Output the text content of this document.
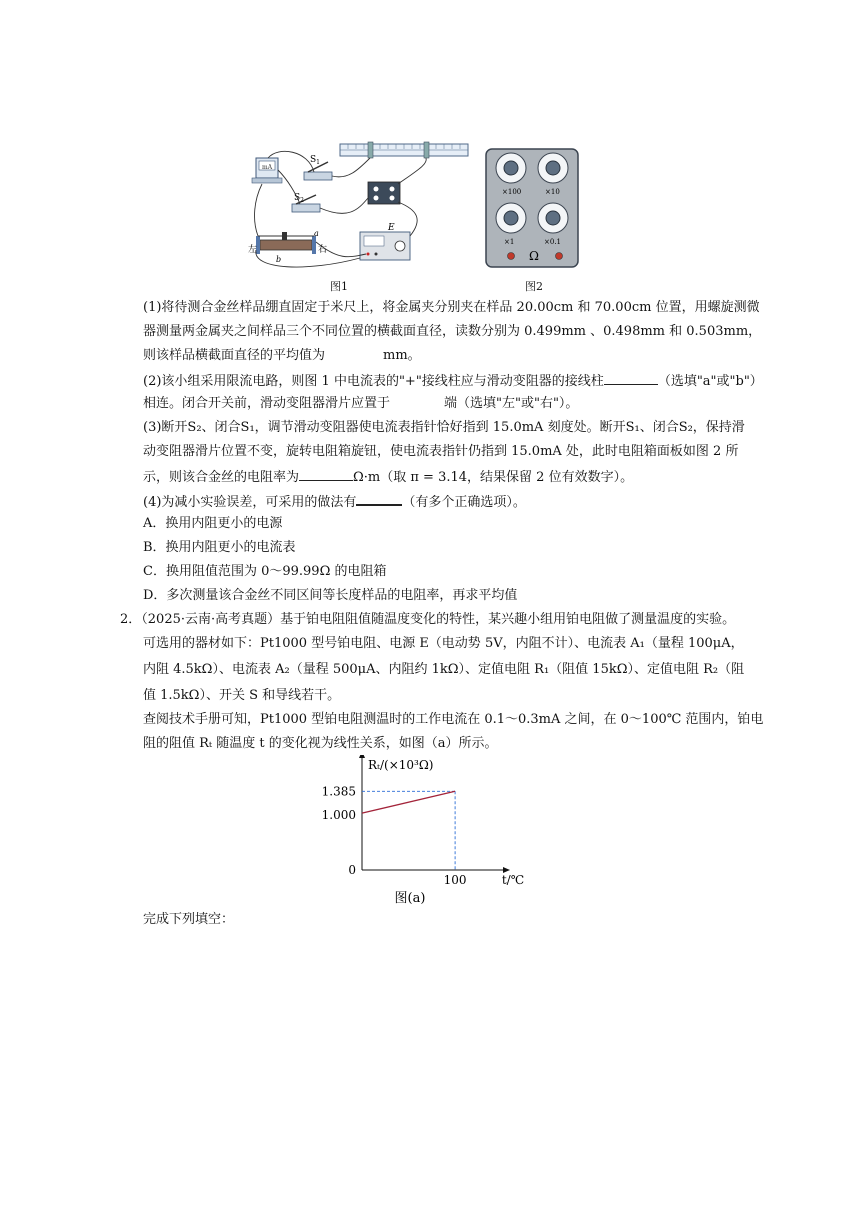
mA
$S_1$
$S_2$
左	右
a
b
E
图1
×100	×10
×1	×0.1
Ω
图2
(1)将待测合金丝样品绷直固定于米尺上，将金属夹分别夹在样品 20.00cm 和 70.00cm 位置，用螺旋测微
器测量两金属夹之间样品三个不同位置的横截面直径，读数分别为 0.499mm 、0.498mm 和 0.503mm，
则该样品横截面直径的平均值为	mm。
(2)该小组采用限流电路，则图 1 中电流表的"+"接线柱应与滑动变阻器的接线柱	（选填"a"或"b"）
相连。闭合开关前，滑动变阻器滑片应置于	端（选填"左"或"右"）。
(3)断开S₂、闭合S₁，调节滑动变阻器使电流表指针恰好指到 15.0mA 刻度处。断开S₁、闭合S₂，保持滑
动变阻器滑片位置不变，旋转电阻箱旋钮，使电流表指针仍指到 15.0mA 处，此时电阻箱面板如图 2 所
示，则该合金丝的电阻率为	Ω·m（取 π = 3.14，结果保留 2 位有效数字）。
(4)为减小实验误差，可采用的做法有	（有多个正确选项）。
A．换用内阻更小的电源
B．换用内阻更小的电流表
C．换用阻值范围为 0～99.99Ω 的电阻箱
D．多次测量该合金丝不同区间等长度样品的电阻率，再求平均值
2．（2025·云南·高考真题）基于铂电阻阻值随温度变化的特性，某兴趣小组用铂电阻做了测量温度的实验。
可选用的器材如下：Pt1000 型号铂电阻、电源 E（电动势 5V，内阻不计）、电流表 A₁（量程 100μA，
内阻 4.5kΩ）、电流表 A₂（量程 500μA、内阻约 1kΩ）、定值电阻 R₁（阻值 15kΩ）、定值电阻 R₂（阻
值 1.5kΩ）、开关 S 和导线若干。
查阅技术手册可知，Pt1000 型铂电阻测温时的工作电流在 0.1～0.3mA 之间，在 0～100℃ 范围内，铂电
阻的阻值 Rₜ 随温度 t 的变化视为线性关系，如图（a）所示。
1.385
1.000
0
100
Rₜ/(×10³Ω)
t/℃
图(a)
完成下列填空：
